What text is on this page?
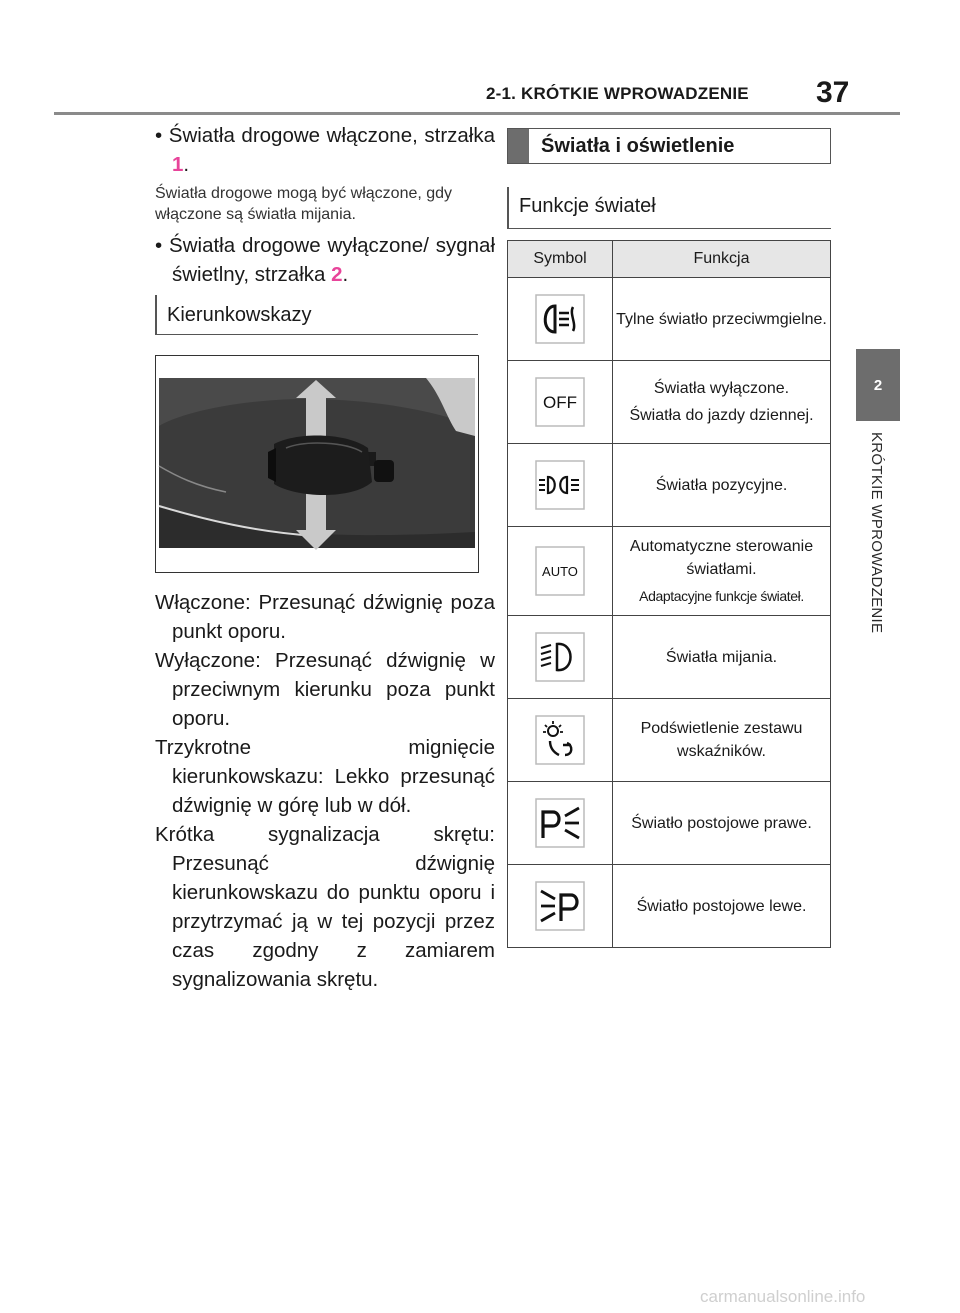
2-1. KRÓTKIE WPROWADZENIE 37
2
KRÓTKIE WPROWADZENIE
• Światła drogowe włączone, strzałka 1.
Światła drogowe mogą być włączone, gdy włączone są światła mijania.
• Światła drogowe wyłączone/ sygnał świetlny, strzałka 2.
Kierunkowskazy
Włączone: Przesunąć dźwignię poza punkt oporu.
Wyłączone: Przesunąć dźwignię w przeciwnym kierunku poza punkt oporu.
Trzykrotne mignięcie kierunkowskazu: Lekko przesunąć dźwignię w górę lub w dół.
Krótka sygnalizacja skrętu: Przesunąć dźwignię kierunkowskazu do punktu oporu i przytrzymać ją w tej pozycji przez czas zgodny z zamiarem sygnalizowania skrętu.
Światła i oświetlenie
Funkcje świateł
Symbol	Funkcja

Tylne światło przeciwmgielne.

OFF	Światła wyłączone.
Światła do jazdy dziennej.

Światła pozycyjne.

AUTO	Automatyczne sterowanie światłami.
Adaptacyjne funkcje świateł.

Światła mijania.

Podświetlenie zestawu wskaźników.

Światło postojowe prawe.

Światło postojowe lewe.
carmanualsonline.info
